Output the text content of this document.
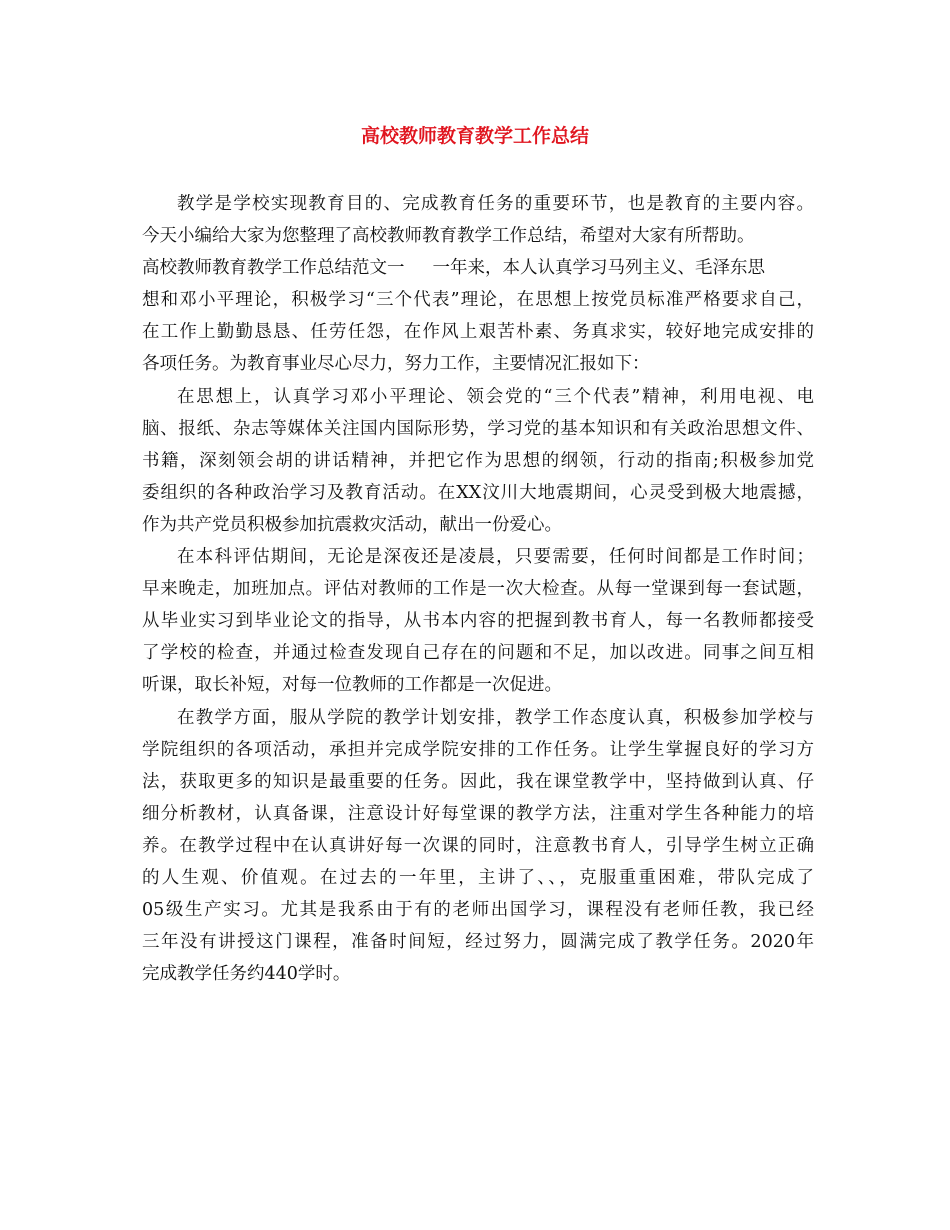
高校教师教育教学工作总结
教学是学校实现教育目的、完成教育任务的重要环节，也是教育的主要内容。
今天小编给大家为您整理了高校教师教育教学工作总结，希望对大家有所帮助。
高校教师教育教学工作总结范文一 一年来，本人认真学习马列主义、毛泽东思
想和邓小平理论，积极学习“三个代表”理论，在思想上按党员标准严格要求自己，
在工作上勤勤恳恳、任劳任怨，在作风上艰苦朴素、务真求实，较好地完成安排的
各项任务。为教育事业尽心尽力，努力工作，主要情况汇报如下：
在思想上，认真学习邓小平理论、领会党的“三个代表”精神，利用电视、电
脑、报纸、杂志等媒体关注国内国际形势，学习党的基本知识和有关政治思想文件、
书籍，深刻领会胡的讲话精神，并把它作为思想的纲领，行动的指南;积极参加党
委组织的各种政治学习及教育活动。在XX汶川大地震期间，心灵受到极大地震撼，
作为共产党员积极参加抗震救灾活动，献出一份爱心。
在本科评估期间，无论是深夜还是凌晨，只要需要，任何时间都是工作时间；
早来晚走，加班加点。评估对教师的工作是一次大检查。从每一堂课到每一套试题，
从毕业实习到毕业论文的指导，从书本内容的把握到教书育人，每一名教师都接受
了学校的检查，并通过检查发现自己存在的问题和不足，加以改进。同事之间互相
听课，取长补短，对每一位教师的工作都是一次促进。
在教学方面，服从学院的教学计划安排，教学工作态度认真，积极参加学校与
学院组织的各项活动，承担并完成学院安排的工作任务。让学生掌握良好的学习方
法，获取更多的知识是最重要的任务。因此，我在课堂教学中，坚持做到认真、仔
细分析教材，认真备课，注意设计好每堂课的教学方法，注重对学生各种能力的培
养。在教学过程中在认真讲好每一次课的同时，注意教书育人，引导学生树立正确
的人生观、价值观。在过去的一年里，主讲了、、，克服重重困难，带队完成了
05级生产实习。尤其是我系由于有的老师出国学习，课程没有老师任教，我已经
三年没有讲授这门课程，准备时间短，经过努力，圆满完成了教学任务。2020年
完成教学任务约440学时。
